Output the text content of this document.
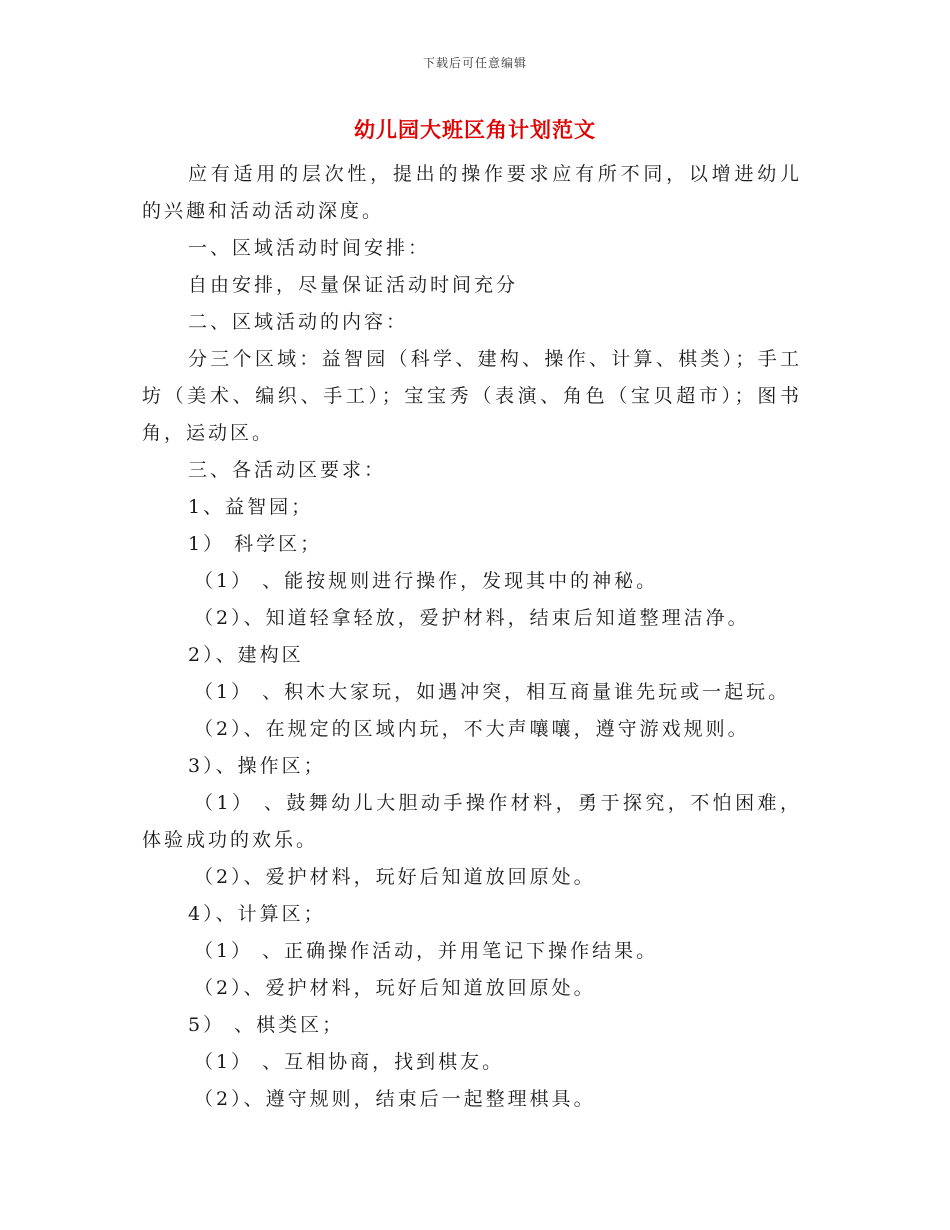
下载后可任意编辑
幼儿园大班区角计划范文

应有适用的层次性，提出的操作要求应有所不同，以增进幼儿的兴趣和活动活动深度。

一、区域活动时间安排：

自由安排，尽量保证活动时间充分

二、区域活动的内容：

分三个区域：益智园（科学、建构、操作、计算、棋类）；手工坊（美术、编织、手工）；宝宝秀（表演、角色（宝贝超市）；图书角，运动区。

三、各活动区要求：

1、益智园；

1） 科学区；

（1） 、能按规则进行操作，发现其中的神秘。

（2）、知道轻拿轻放，爱护材料，结束后知道整理洁净。

2）、建构区

（1） 、积木大家玩，如遇冲突，相互商量谁先玩或一起玩。

（2）、在规定的区域内玩，不大声嚷嚷，遵守游戏规则。

3）、操作区；

（1） 、鼓舞幼儿大胆动手操作材料，勇于探究，不怕困难，体验成功的欢乐。

（2）、爱护材料，玩好后知道放回原处。

4）、计算区；

（1） 、正确操作活动，并用笔记下操作结果。

（2）、爱护材料，玩好后知道放回原处。

5） 、棋类区；

（1） 、互相协商，找到棋友。

（2）、遵守规则，结束后一起整理棋具。
